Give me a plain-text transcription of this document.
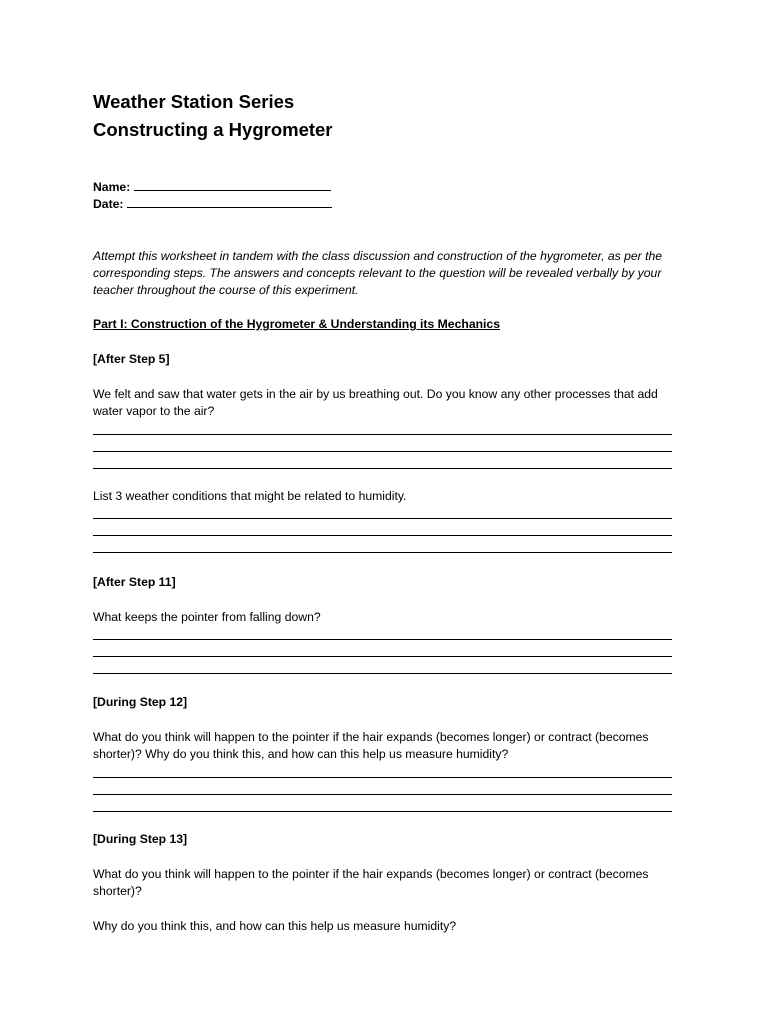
Weather Station Series
Constructing a Hygrometer
Name:
Date:
Attempt this worksheet in tandem with the class discussion and construction of the hygrometer, as per the corresponding steps. The answers and concepts relevant to the question will be revealed verbally by your teacher throughout the course of this experiment.
Part I: Construction of the Hygrometer & Understanding its Mechanics
[After Step 5]
We felt and saw that water gets in the air by us breathing out. Do you know any other processes that add water vapor to the air?
List 3 weather conditions that might be related to humidity.
[After Step 11]
What keeps the pointer from falling down?
[During Step 12]
What do you think will happen to the pointer if the hair expands (becomes longer) or contract (becomes shorter)? Why do you think this, and how can this help us measure humidity?
[During Step 13]
What do you think will happen to the pointer if the hair expands (becomes longer) or contract (becomes shorter)?
Why do you think this, and how can this help us measure humidity?
